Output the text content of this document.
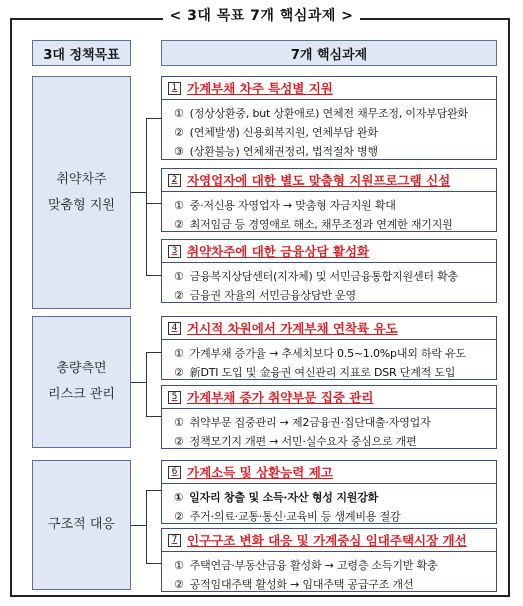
< 3대 목표 7개 핵심과제 >
3대 정책목표	7개 핵심과제
취약차주
맞춤형 지원
총량측면
리스크 관리
구조적 대응
1 가계부채 차주 특성별 지원
① (정상상환중, but 상환애로) 연체전 채무조정, 이자부담완화
② (연체발생) 신용회복지원, 연체부담 완화
③ (상환불능) 연체채권정리, 법적절차 병행
2 자영업자에 대한 별도 맞춤형 지원프로그램 신설
① 중·저신용 자영업자 → 맞춤형 자금지원 확대
② 최저임금 등 경영애로 해소, 채무조정과 연계한 재기지원
3 취약차주에 대한 금융상담 활성화
① 금융복지상담센터(지자체) 및 서민금융통합지원센터 확충
② 금융권 자율의 서민금융상담반 운영
4 거시적 차원에서 가계부채 연착륙 유도
① 가계부채 증가율 → 추세치보다 0.5~1.0%p내외 하락 유도
② 新DTI 도입 및 金융권 여신관리 지표로 DSR 단계적 도입
5 가계부채 증가 취약부문 집중 관리
① 취약부문 집중관리 → 제2금융권·집단대출·자영업자
② 정책모기지 개편 → 서민·실수요자 중심으로 개편
6 가계소득 및 상환능력 제고
① 일자리 창출 및 소득·자산 형성 지원강화
② 주거·의료·교통·통신·교육비 등 생계비용 절감
7 인구구조 변화 대응 및 가계중심 임대주택시장 개선
① 주택연금·부동산금융 활성화 → 고령층 소득기반 확충
② 공적임대주택 활성화 → 임대주택 공급구조 개선
